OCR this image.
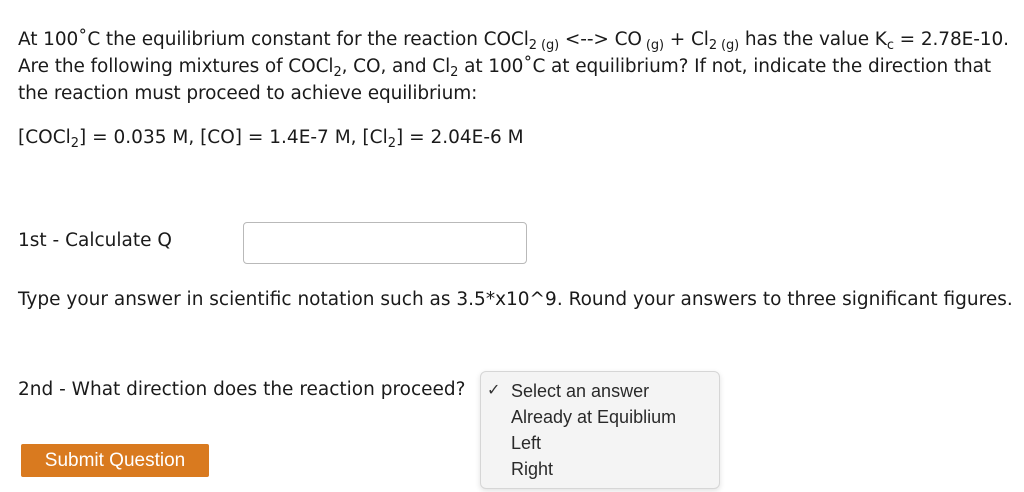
At 100˚C the equilibrium constant for the reaction COCl$_2$ $_{(g)}$ <--> CO $_{(g)} + Cl_2$ $_{(g)}$ has the value $K_c = 2.78E-10$. Are the following mixtures of COCl$_2$, CO, and $Cl_2$ at 100˚C at equilibrium? If not, indicate the direction that the reaction must proceed to achieve equilibrium:
[COCl$_2$] = 0.035 M, [CO] = 1.4E-7 M, $[Cl_2] = 2.04E-6$ M
1st - Calculate Q
Type your answer in scientific notation such as 3.5*x10^9. Round your answers to three significant figures.
2nd - What direction does the reaction proceed? ✓ Select an answer
Already at Equiblium
Left
Right
Submit Question
